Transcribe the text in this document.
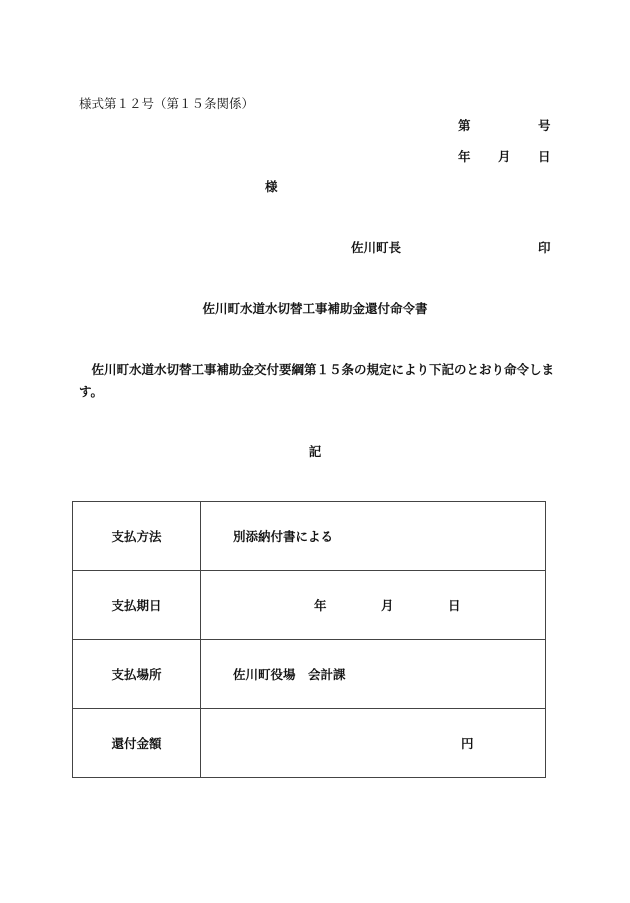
様式第１２号（第１５条関係）
第	号
年 月 日
様
佐川町長	印
佐川町水道水切替工事補助金還付命令書
佐川町水道水切替工事補助金交付要綱第１５条の規定により下記のとおり命令します。
記
支払方法	別添納付書による
支払期日	年 月 日

支払場所	佐川町役場　会計課
還付金額	円
